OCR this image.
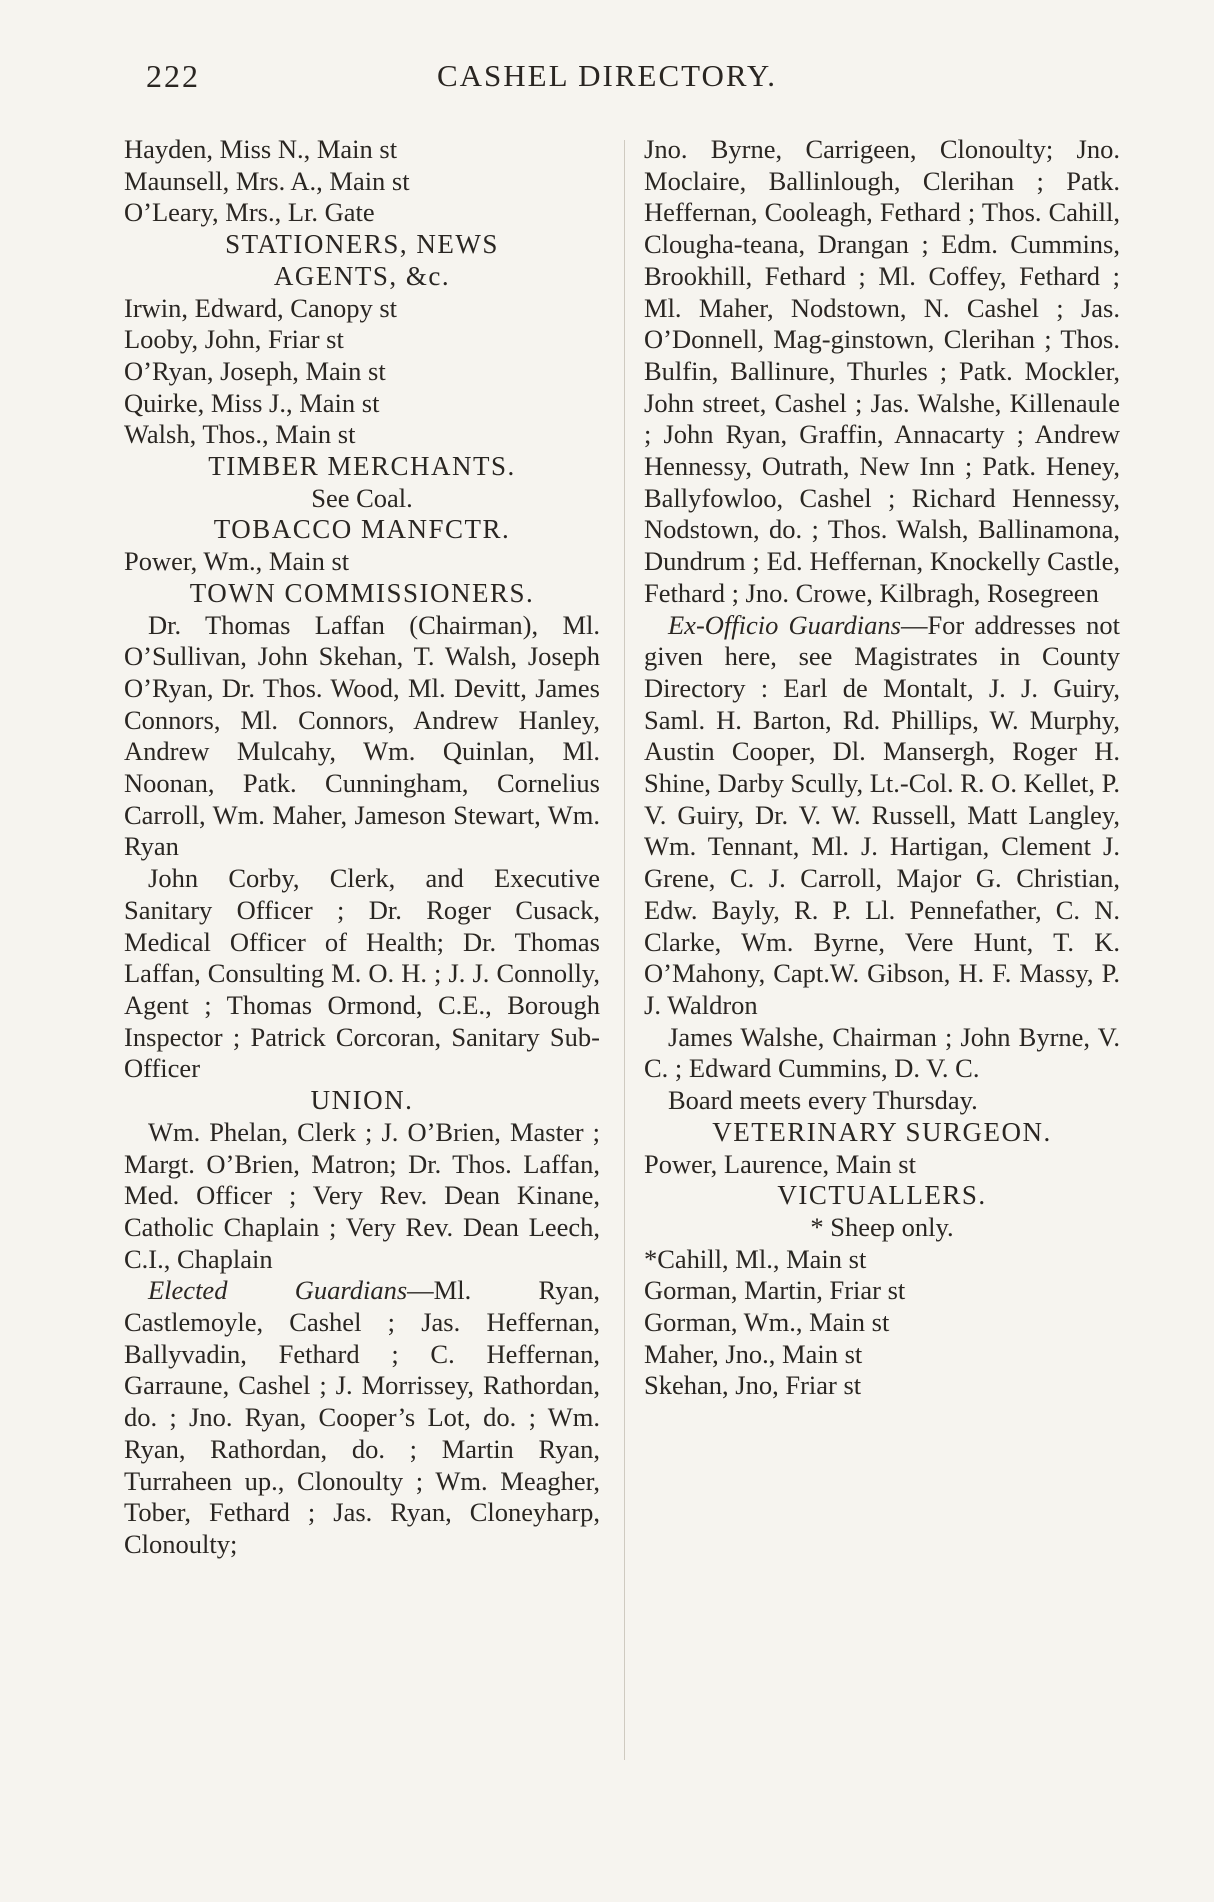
222	CASHEL DIRECTORY.
Hayden, Miss N., Main st
Maunsell, Mrs. A., Main st
O’Leary, Mrs., Lr. Gate
STATIONERS, NEWS
AGENTS, &c.
Irwin, Edward, Canopy st
Looby, John, Friar st
O’Ryan, Joseph, Main st
Quirke, Miss J., Main st
Walsh, Thos., Main st
TIMBER MERCHANTS.
See Coal.
TOBACCO MANFCTR.
Power, Wm., Main st
TOWN COMMISSIONERS.
Dr. Thomas Laffan (Chairman), Ml. O’Sullivan, John Skehan, T. Walsh, Joseph O’Ryan, Dr. Thos. Wood, Ml. Devitt, James Connors, Ml. Connors, Andrew Hanley, Andrew Mulcahy, Wm. Quinlan, Ml. Noonan, Patk. Cunningham, Cornelius Carroll, Wm. Maher, Jameson Stewart, Wm. Ryan
John Corby, Clerk, and Executive Sanitary Officer ; Dr. Roger Cusack, Medical Officer of Health; Dr. Thomas Laffan, Consulting M. O. H. ; J. J. Connolly, Agent ; Thomas Ormond, C.E., Borough Inspector ; Patrick Corcoran, Sanitary Sub-Officer
UNION.
Wm. Phelan, Clerk ; J. O’Brien, Master ; Margt. O’Brien, Matron; Dr. Thos. Laffan, Med. Officer ; Very Rev. Dean Kinane, Catholic Chaplain ; Very Rev. Dean Leech, C.I., Chaplain
Elected Guardians—Ml. Ryan, Castlemoyle, Cashel ; Jas. Heffernan, Ballyvadin, Fethard ; C. Heffernan, Garraune, Cashel ; J. Morrissey, Rathordan, do. ; Jno. Ryan, Cooper’s Lot, do. ; Wm. Ryan, Rathordan, do. ; Martin Ryan, Turraheen up., Clonoulty ; Wm. Meagher, Tober, Fethard ; Jas. Ryan, Cloneyharp, Clonoulty;
Jno. Byrne, Carrigeen, Clonoulty; Jno. Moclaire, Ballinlough, Clerihan ; Patk. Heffernan, Cooleagh, Fethard ; Thos. Cahill, Clougha-teana, Drangan ; Edm. Cummins, Brookhill, Fethard ; Ml. Coffey, Fethard ; Ml. Maher, Nodstown, N. Cashel ; Jas. O’Donnell, Mag-ginstown, Clerihan ; Thos. Bulfin, Ballinure, Thurles ; Patk. Mockler, John street, Cashel ; Jas. Walshe, Killenaule ; John Ryan, Graffin, Annacarty ; Andrew Hennessy, Outrath, New Inn ; Patk. Heney, Ballyfowloo, Cashel ; Richard Hennessy, Nodstown, do. ; Thos. Walsh, Ballinamona, Dundrum ; Ed. Heffernan, Knockelly Castle, Fethard ; Jno. Crowe, Kilbragh, Rosegreen
Ex-Officio Guardians—For addresses not given here, see Magistrates in County Directory : Earl de Montalt, J. J. Guiry, Saml. H. Barton, Rd. Phillips, W. Murphy, Austin Cooper, Dl. Mansergh, Roger H. Shine, Darby Scully, Lt.-Col. R. O. Kellet, P. V. Guiry, Dr. V. W. Russell, Matt Langley, Wm. Tennant, Ml. J. Hartigan, Clement J. Grene, C. J. Carroll, Major G. Christian, Edw. Bayly, R. P. Ll. Pennefather, C. N. Clarke, Wm. Byrne, Vere Hunt, T. K. O’Mahony, Capt.W. Gibson, H. F. Massy, P. J. Waldron
James Walshe, Chairman ; John Byrne, V. C. ; Edward Cummins, D. V. C.
Board meets every Thursday.
VETERINARY SURGEON.
Power, Laurence, Main st
VICTUALLERS.
* Sheep only.
*Cahill, Ml., Main st
Gorman, Martin, Friar st
Gorman, Wm., Main st
Maher, Jno., Main st
Skehan, Jno, Friar st
